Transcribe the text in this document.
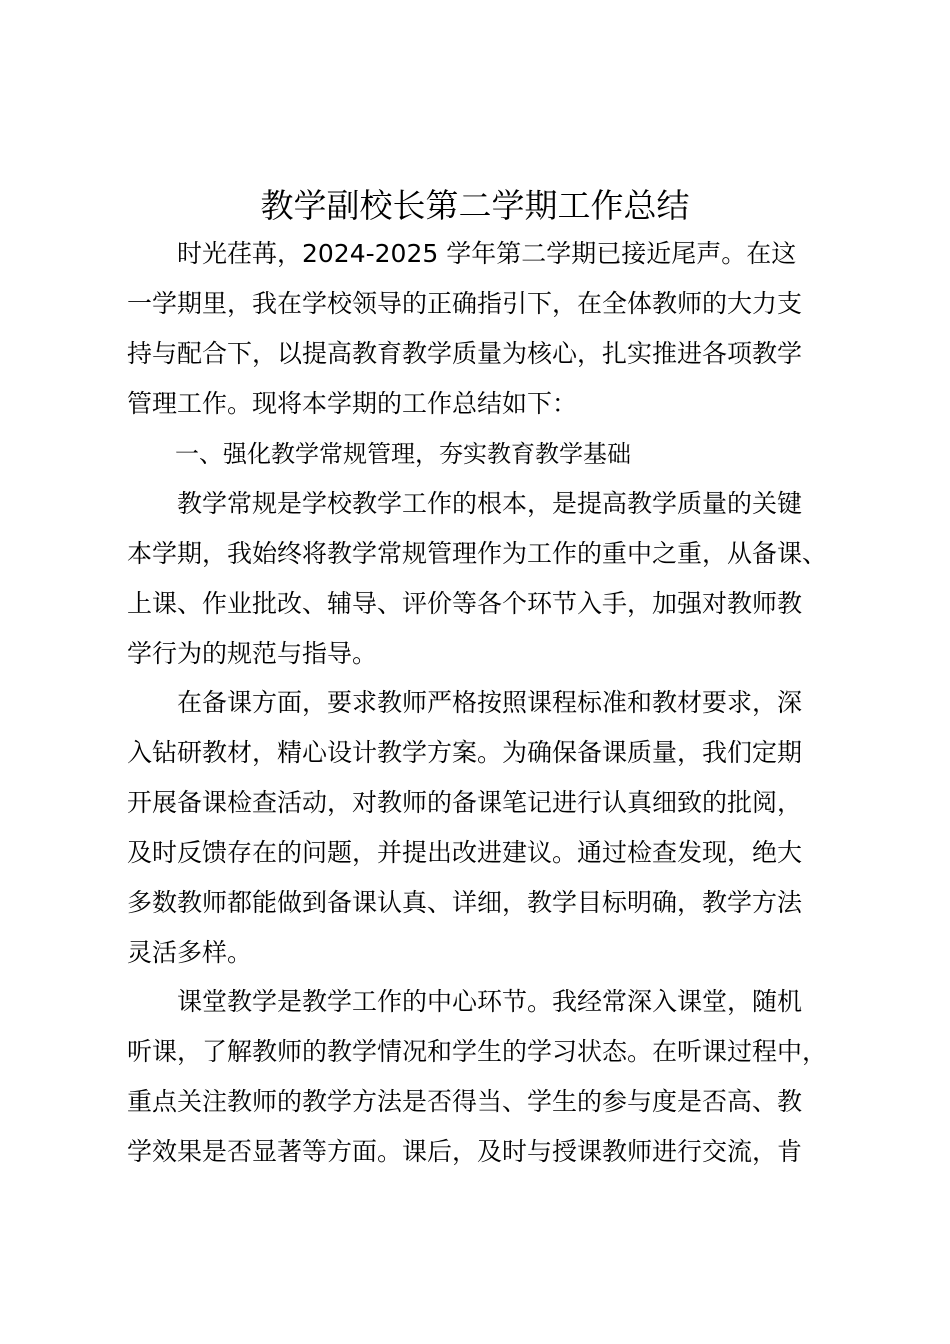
教学副校长第二学期工作总结
　　时光荏苒，2024-2025 学年第二学期已接近尾声。在这
一学期里，我在学校领导的正确指引下，在全体教师的大力支
持与配合下，以提高教育教学质量为核心，扎实推进各项教学
管理工作。现将本学期的工作总结如下：
　　一、强化教学常规管理，夯实教育教学基础
　　教学常规是学校教学工作的根本，是提高教学质量的关键
本学期，我始终将教学常规管理作为工作的重中之重，从备课、
上课、作业批改、辅导、评价等各个环节入手，加强对教师教
学行为的规范与指导。
　　在备课方面，要求教师严格按照课程标准和教材要求，深
入钻研教材，精心设计教学方案。为确保备课质量，我们定期
开展备课检查活动，对教师的备课笔记进行认真细致的批阅，
及时反馈存在的问题，并提出改进建议。通过检查发现，绝大
多数教师都能做到备课认真、详细，教学目标明确，教学方法
灵活多样。
　　课堂教学是教学工作的中心环节。我经常深入课堂，随机
听课，了解教师的教学情况和学生的学习状态。在听课过程中，
重点关注教师的教学方法是否得当、学生的参与度是否高、教
学效果是否显著等方面。课后，及时与授课教师进行交流，肯
